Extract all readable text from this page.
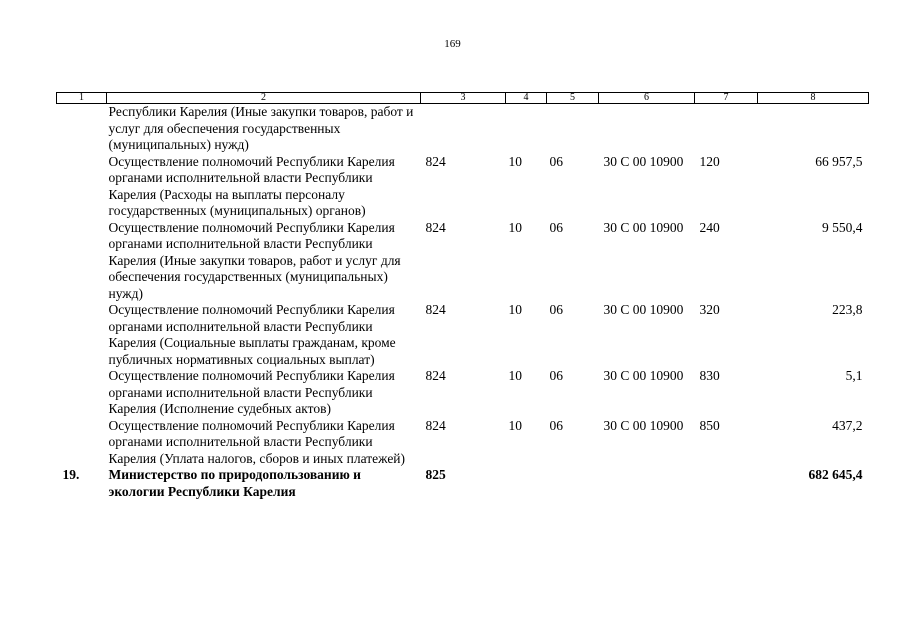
169
1	2	3	4	5	6	7	8
	Республики Карелия (Иные закупки товаров, работ и услуг для обеспечения государственных (муниципальных) нужд)						
	Осуществление полномочий Республики Карелия органами исполнительной власти Республики Карелия (Расходы на выплаты персоналу государственных (муниципальных) органов)	824	10	06	30 С 00 10900	120	66 957,5
	Осуществление полномочий Республики Карелия органами исполнительной власти Республики Карелия (Иные закупки товаров, работ и услуг для обеспечения государственных (муниципальных) нужд)	824	10	06	30 С 00 10900	240	9 550,4
	Осуществление полномочий Республики Карелия органами исполнительной власти Республики Карелия (Социальные выплаты гражданам, кроме публичных нормативных социальных выплат)	824	10	06	30 С 00 10900	320	223,8
	Осуществление полномочий Республики Карелия органами исполнительной власти Республики Карелия (Исполнение судебных актов)	824	10	06	30 С 00 10900	830	5,1
	Осуществление полномочий Республики Карелия органами исполнительной власти Республики Карелия (Уплата налогов, сборов и иных платежей)	824	10	06	30 С 00 10900	850	437,2
19.	Министерство по природопользованию и экологии Республики Карелия	825					682 645,4
